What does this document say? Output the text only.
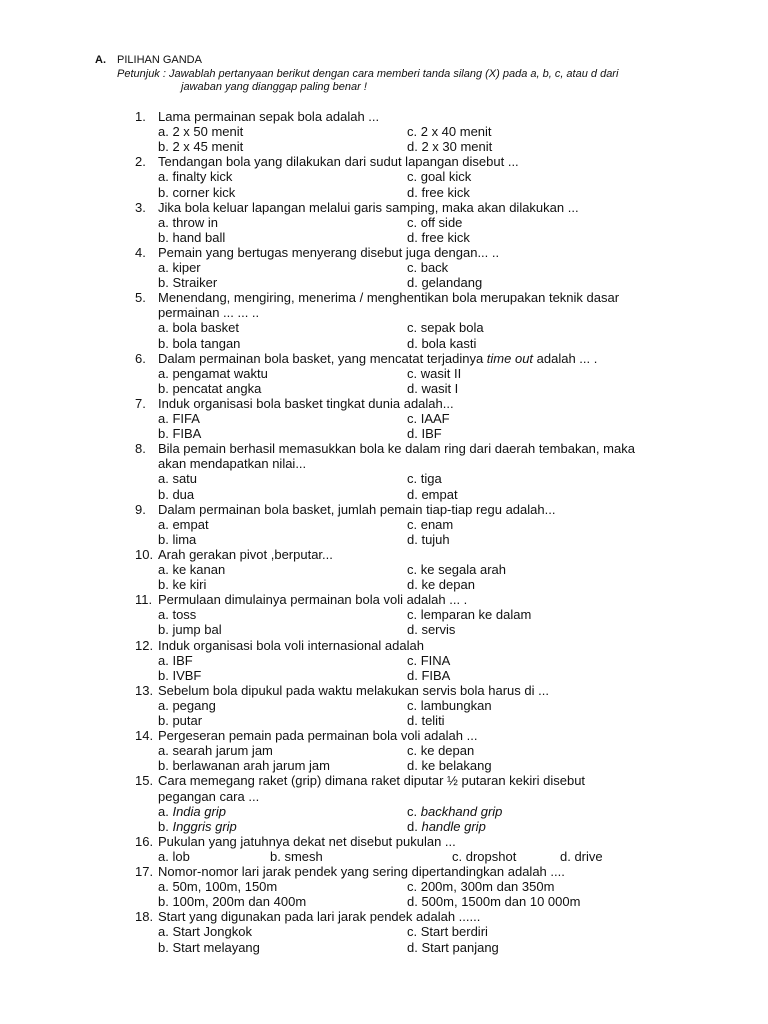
A. PILIHAN GANDA
Petunjuk : Jawablah pertanyaan berikut dengan cara memberi tanda silang (X) pada a, b, c, atau d dari
jawaban yang dianggap paling benar !
1. Lama permainan sepak bola adalah ...
a. 2 x 50 menit	c. 2 x 40 menit
b. 2 x 45 menit	d. 2 x 30 menit
2. Tendangan bola yang dilakukan dari sudut lapangan disebut ...
a. finalty kick	c. goal kick
b. corner kick	d. free kick
3. Jika bola keluar lapangan melalui garis samping, maka akan dilakukan ...
a. throw in	c. off side
b. hand ball	d. free kick
4. Pemain yang bertugas menyerang disebut juga dengan... ..
a. kiper	c. back
b. Straiker	d. gelandang
5. Menendang, mengiring, menerima / menghentikan bola merupakan teknik dasar
permainan ... ... ..
a. bola basket	c. sepak bola
b. bola tangan	d. bola kasti
6. Dalam permainan bola basket, yang mencatat terjadinya time out adalah ... .
a. pengamat waktu	c. wasit II
b. pencatat angka	d. wasit I
7. Induk organisasi bola basket tingkat dunia adalah...
a. FIFA	c. IAAF
b. FIBA	d. IBF
8. Bila pemain berhasil memasukkan bola ke dalam ring dari daerah tembakan, maka
akan mendapatkan nilai...
a. satu	c. tiga
b. dua	d. empat
9. Dalam permainan bola basket, jumlah pemain tiap-tiap regu adalah...
a. empat	c. enam
b. lima	d. tujuh
10. Arah gerakan pivot ,berputar...
a. ke kanan	c. ke segala arah
b. ke kiri	d. ke depan
11. Permulaan dimulainya permainan bola voli adalah ... .
a. toss	c. lemparan ke dalam
b. jump bal	d. servis
12. Induk organisasi bola voli internasional adalah
a. IBF	c. FINA
b. IVBF	d. FIBA
13. Sebelum bola dipukul pada waktu melakukan servis bola harus di ...
a. pegang	c. lambungkan
b. putar	d. teliti
14. Pergeseran pemain pada permainan bola voli adalah ...
a. searah jarum jam	c. ke depan
b. berlawanan arah jarum jam	d. ke belakang
15. Cara memegang raket (grip) dimana raket diputar ½ putaran kekiri disebut
pegangan cara ...
a. India grip	c. backhand grip
b. Inggris grip	d. handle grip
16. Pukulan yang jatuhnya dekat net disebut pukulan ...
a. lob	b. smesh	c. dropshot	d. drive
17. Nomor-nomor lari jarak pendek yang sering dipertandingkan adalah ....
a. 50m, 100m, 150m	c. 200m, 300m dan 350m
b. 100m, 200m dan 400m	d. 500m, 1500m dan 10 000m
18. Start yang digunakan pada lari jarak pendek adalah ......
a. Start Jongkok	c. Start berdiri
b. Start melayang	d. Start panjang
